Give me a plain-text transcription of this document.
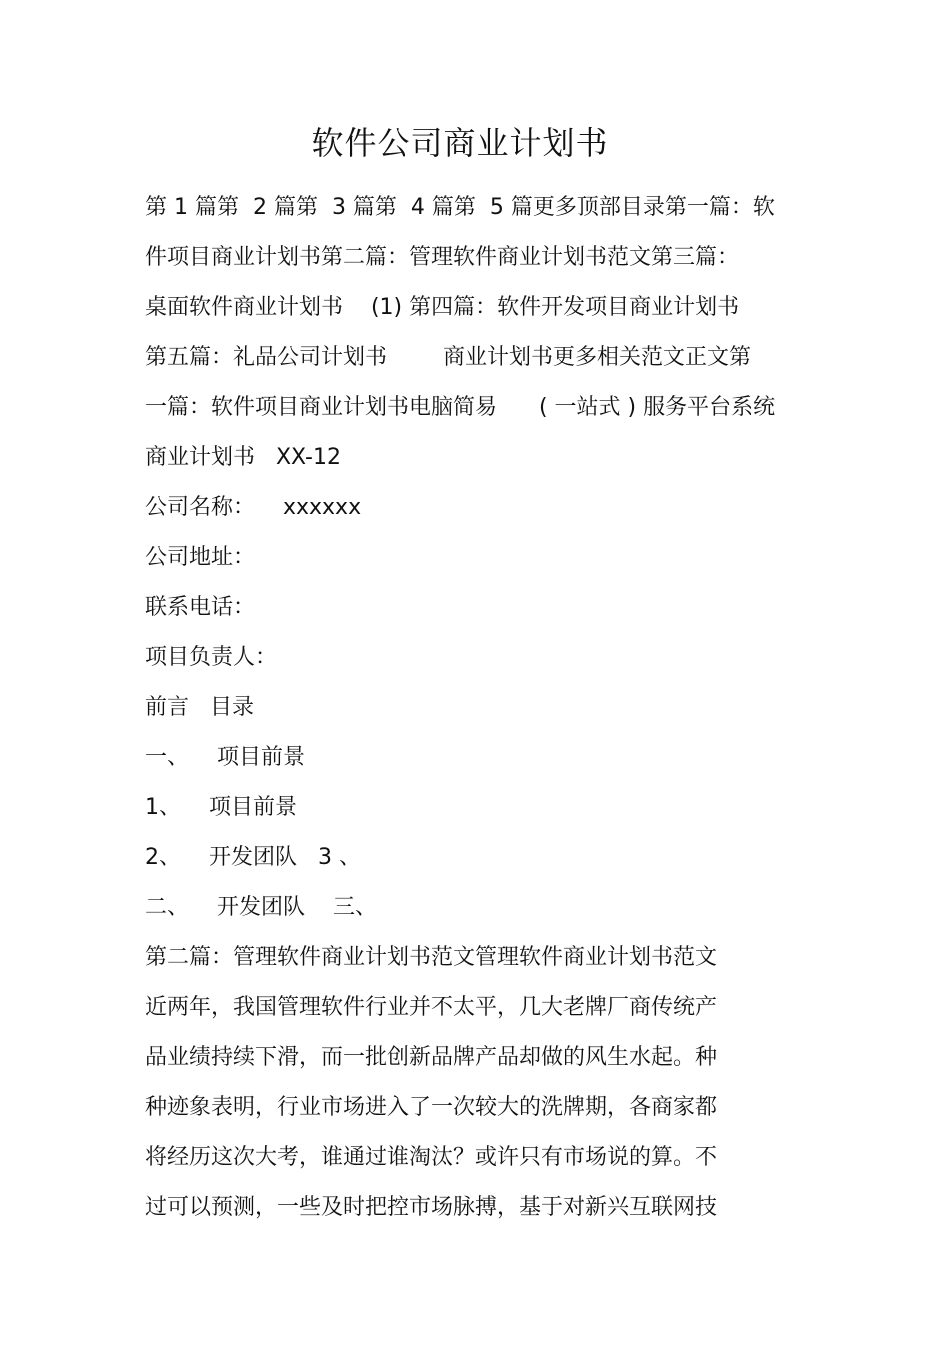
软件公司商业计划书
第 1 篇第  2 篇第  3 篇第  4 篇第  5 篇更多顶部目录第一篇：软
件项目商业计划书第二篇：管理软件商业计划书范文第三篇：
桌面软件商业计划书    (1) 第四篇：软件开发项目商业计划书
第五篇：礼品公司计划书        商业计划书更多相关范文正文第
一篇：软件项目商业计划书电脑简易      ( 一站式 ) 服务平台系统
商业计划书   XX-12
公司名称：    xxxxxx
公司地址：
联系电话：
项目负责人：
前言   目录
一、    项目前景
1、    项目前景
2、    开发团队   3 、
二、    开发团队    三、
第二篇：管理软件商业计划书范文管理软件商业计划书范文
近两年，我国管理软件行业并不太平，几大老牌厂商传统产
品业绩持续下滑，而一批创新品牌产品却做的风生水起。种
种迹象表明，行业市场进入了一次较大的洗牌期，各商家都
将经历这次大考，谁通过谁淘汰？或许只有市场说的算。不
过可以预测，一些及时把控市场脉搏，基于对新兴互联网技
